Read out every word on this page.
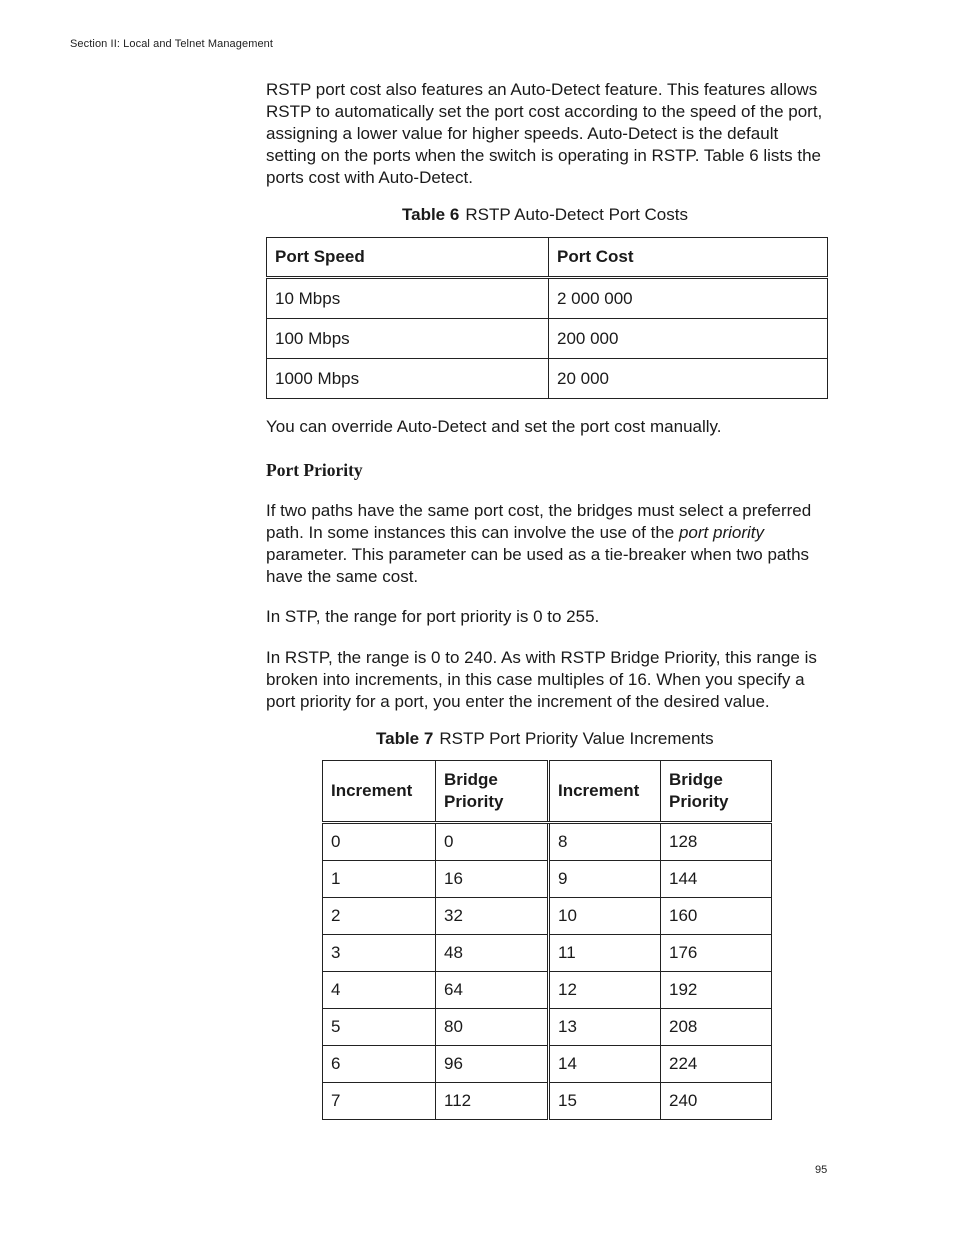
Section II: Local and Telnet Management

RSTP port cost also features an Auto-Detect feature. This features allows RSTP to automatically set the port cost according to the speed of the port, assigning a lower value for higher speeds. Auto-Detect is the default setting on the ports when the switch is operating in RSTP. Table 6 lists the ports cost with Auto-Detect.

Table 6 RSTP Auto-Detect Port Costs
Port Speed	Port Cost
10 Mbps	2 000 000
100 Mbps	200 000
1000 Mbps	20 000

You can override Auto-Detect and set the port cost manually.

Port Priority

If two paths have the same port cost, the bridges must select a preferred path. In some instances this can involve the use of the port priority parameter. This parameter can be used as a tie-breaker when two paths have the same cost.

In STP, the range for port priority is 0 to 255.

In RSTP, the range is 0 to 240. As with RSTP Bridge Priority, this range is broken into increments, in this case multiples of 16. When you specify a port priority for a port, you enter the increment of the desired value.

Table 7 RSTP Port Priority Value Increments
Increment	Bridge Priority	Increment	Bridge Priority
0	0	8	128
1	16	9	144
2	32	10	160
3	48	11	176
4	64	12	192
5	80	13	208
6	96	14	224
7	112	15	240
95
